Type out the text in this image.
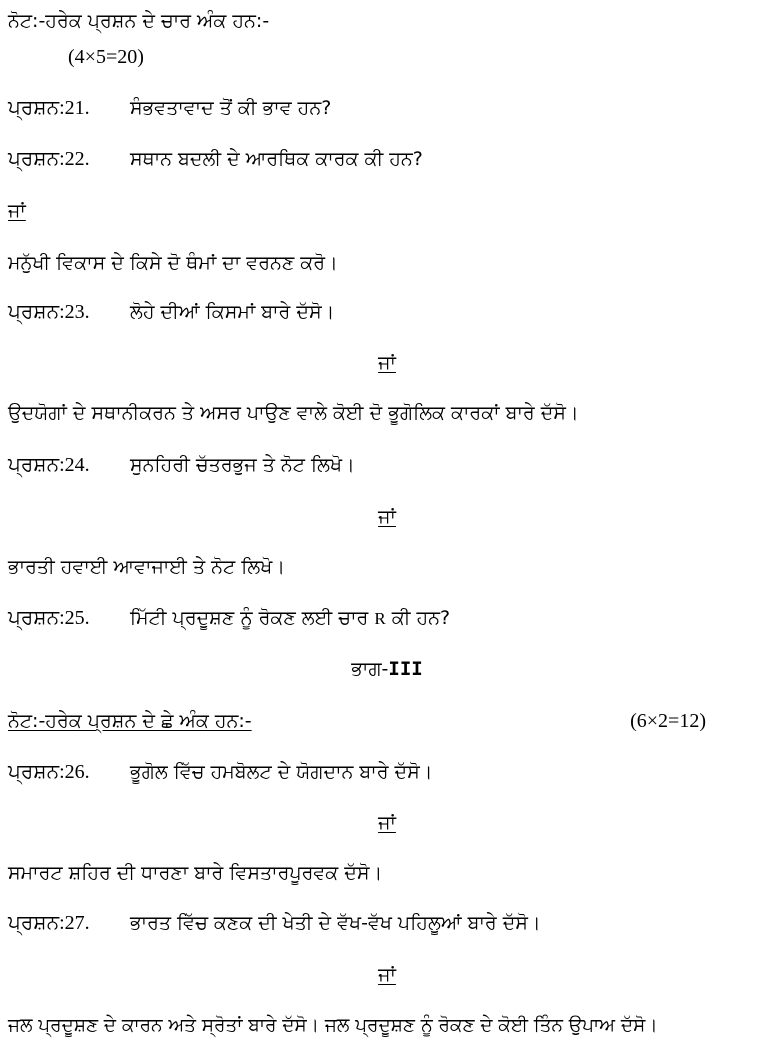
ਨੋਟ:-ਹਰੇਕ ਪ੍ਰਸ਼ਨ ਦੇ ਚਾਰ ਅੰਕ ਹਨ:-
(4×5=20)
ਪ੍ਰਸ਼ਨ:21. ਸੰਭਵਤਾਵਾਦ ਤੋਂ ਕੀ ਭਾਵ ਹਨ?
ਪ੍ਰਸ਼ਨ:22. ਸਥਾਨ ਬਦਲੀ ਦੇ ਆਰਥਿਕ ਕਾਰਕ ਕੀ ਹਨ?
ਜਾਂ
ਮਨੁੱਖੀ ਵਿਕਾਸ ਦੇ ਕਿਸੇ ਦੋ ਥੰਮਾਂ ਦਾ ਵਰਨਣ ਕਰੋ।
ਪ੍ਰਸ਼ਨ:23. ਲੋਹੇ ਦੀਆਂ ਕਿਸਮਾਂ ਬਾਰੇ ਦੱਸੋ।
ਜਾਂ
ਉਦਯੋਗਾਂ ਦੇ ਸਥਾਨੀਕਰਨ ਤੇ ਅਸਰ ਪਾਉਣ ਵਾਲੇ ਕੋਈ ਦੋ ਭੂਗੋਲਿਕ ਕਾਰਕਾਂ ਬਾਰੇ ਦੱਸੋ।
ਪ੍ਰਸ਼ਨ:24. ਸੁਨਹਿਰੀ ਚੱਤਰਭੁਜ ਤੇ ਨੋਟ ਲਿਖੋ।
ਜਾਂ
ਭਾਰਤੀ ਹਵਾਈ ਆਵਾਜਾਈ ਤੇ ਨੋਟ ਲਿਖੋ।
ਪ੍ਰਸ਼ਨ:25. ਮਿੱਟੀ ਪ੍ਰਦੂਸ਼ਣ ਨੂੰ ਰੋਕਣ ਲਈ ਚਾਰ R ਕੀ ਹਨ?
ਭਾਗ-III
ਨੋਟ:-ਹਰੇਕ ਪ੍ਰਸ਼ਨ ਦੇ ਛੇ ਅੰਕ ਹਨ:-	(6×2=12)
ਪ੍ਰਸ਼ਨ:26. ਭੂਗੋਲ ਵਿੱਚ ਹਮਬੋਲਟ ਦੇ ਯੋਗਦਾਨ ਬਾਰੇ ਦੱਸੋ।
ਜਾਂ
ਸਮਾਰਟ ਸ਼ਹਿਰ ਦੀ ਧਾਰਣਾ ਬਾਰੇ ਵਿਸਤਾਰਪੂਰਵਕ ਦੱਸੋ।
ਪ੍ਰਸ਼ਨ:27. ਭਾਰਤ ਵਿੱਚ ਕਣਕ ਦੀ ਖੇਤੀ ਦੇ ਵੱਖ-ਵੱਖ ਪਹਿਲੂਆਂ ਬਾਰੇ ਦੱਸੋ।
ਜਾਂ
ਜਲ ਪ੍ਰਦੂਸ਼ਣ ਦੇ ਕਾਰਨ ਅਤੇ ਸ੍ਰੋਤਾਂ ਬਾਰੇ ਦੱਸੋ। ਜਲ ਪ੍ਰਦੂਸ਼ਣ ਨੂੰ ਰੋਕਣ ਦੇ ਕੋਈ ਤਿੰਨ ਉਪਾਅ ਦੱਸੋ।
